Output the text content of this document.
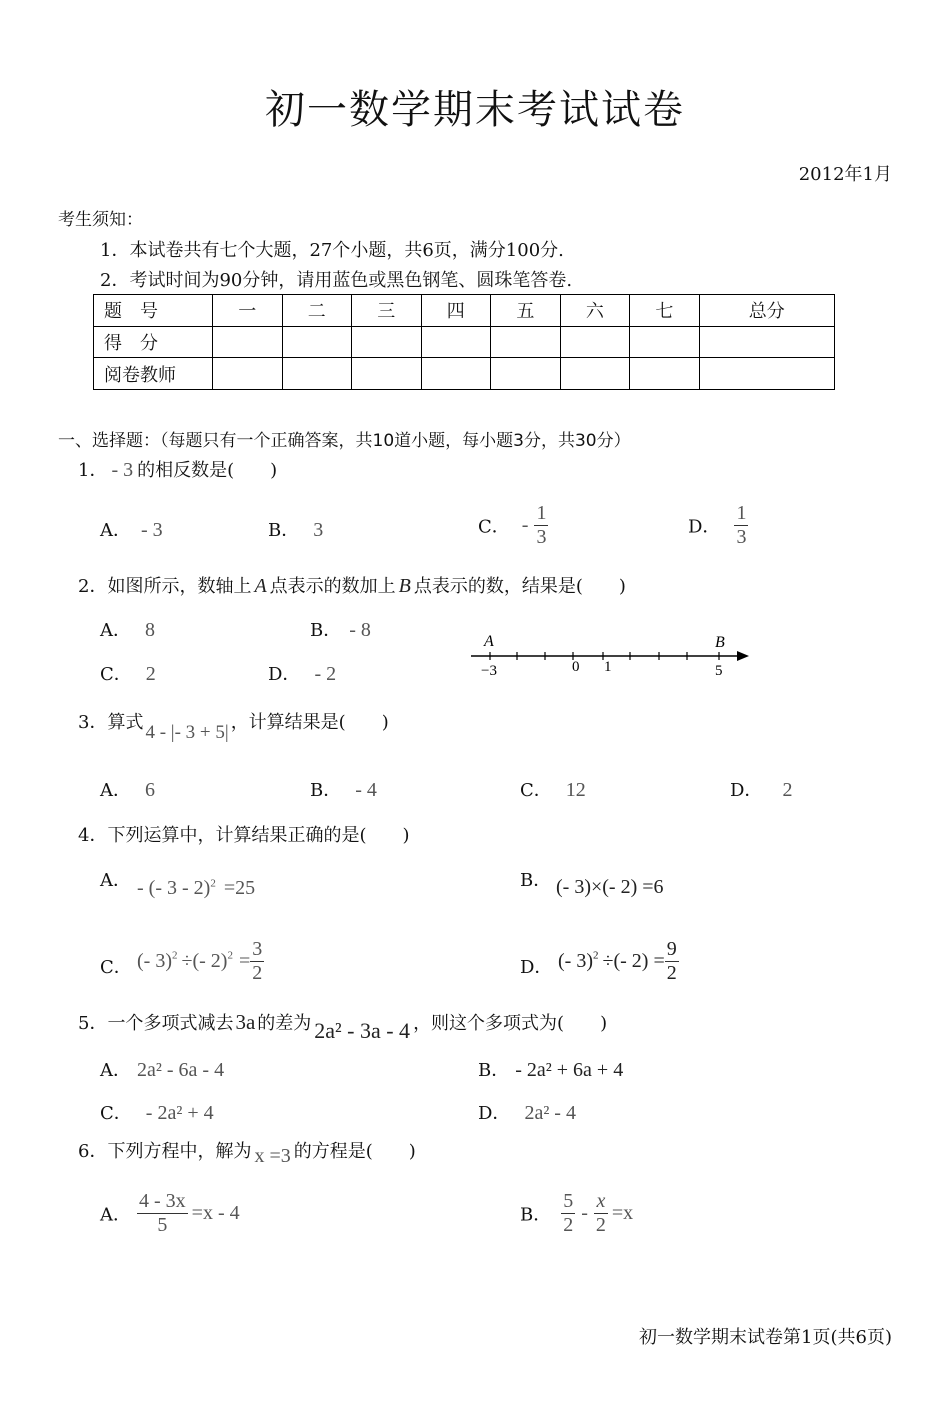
初一数学期末考试试卷
2012年1月
考生须知：
1．本试卷共有七个大题，27个小题，共6页，满分100分.
2．考试时间为90分钟，请用蓝色或黑色钢笔、圆珠笔答卷.
题　号	一	二	三	四	五	六	七	总分
得　分								
阅卷教师								
一、选择题：（每题只有一个正确答案，共10道小题，每小题3分，共30分）
1． - 3 的相反数是(　　)
A． - 3	B． 3	C． - $\frac{1}{3}$	D． $\frac{1}{3}$
2．如图所示，数轴上 A 点表示的数加上 B 点表示的数，结果是(　　)
A． 8	B． - 8
C． 2	D． - 2
A	B
−3	0 1	5
3．算式 4 - |- 3 + 5| ，计算结果是(　　)
A． 6	B． - 4	C． 12	D． 2
4．下列运算中，计算结果正确的是(　　)
A． - (- 3 - 2)$^2$ =25	B． (- 3)×(- 2) =6
C． (- 3)$^2$ ÷(- $2)^2 = \frac{3}{2}$	D． (- 3)$^2$ ÷(- $2) = \frac{9}{2}$
5．一个多项式减去3a 的差为 2a² - 3a - 4 ，则这个多项式为(　　)
A． 2a² - 6a - 4	B． - 2a² + 6a + 4
C． - 2a² + 4	D． 2a² - 4
6．下列方程中，解为 x =3 的方程是(　　)
A． $\frac{4 - 3x}{5} =x - 4$	B． $\frac{5}{2} - \frac{x}{2} =x$
初一数学期末试卷第1页(共6页)
